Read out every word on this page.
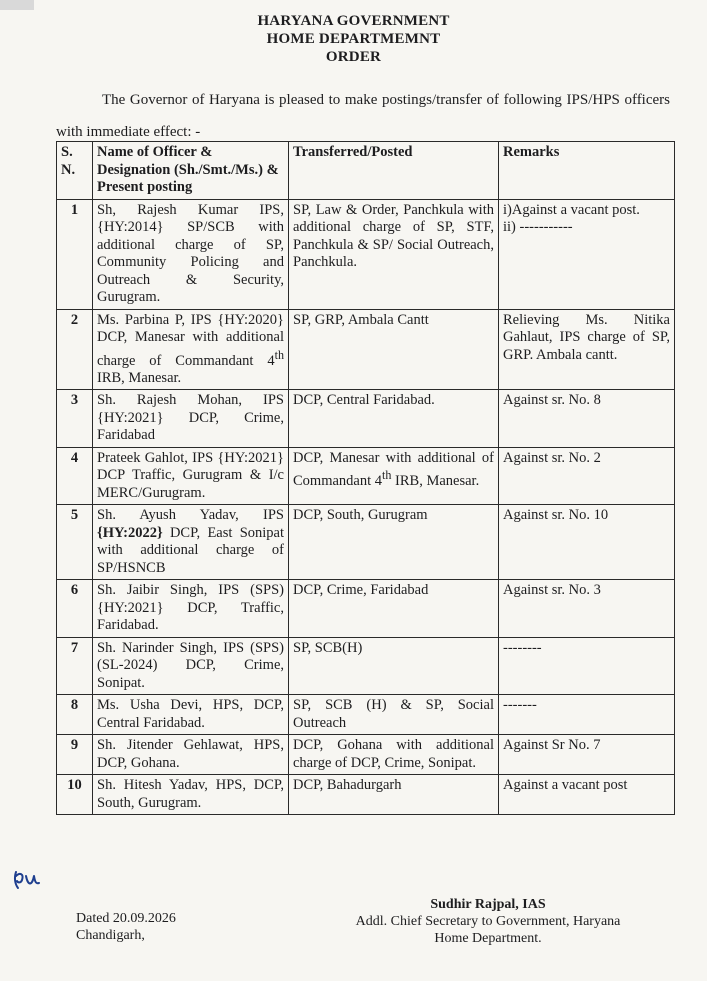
HARYANA GOVERNMENT
HOME DEPARTMEMNT
ORDER
The Governor of Haryana is pleased to make postings/transfer of following IPS/HPS officers with immediate effect: -
S. N.	Name of Officer & Designation (Sh./Smt./Ms.) & Present posting	Transferred/Posted	Remarks
1	Sh, Rajesh Kumar IPS, {HY:2014} SP/SCB with additional charge of SP, Community Policing and Outreach & Security, Gurugram.	SP, Law & Order, Panchkula with additional charge of SP, STF, Panchkula & SP/ Social Outreach, Panchkula.	i)Against a vacant post.
ii) -----------

2	Ms. Parbina P, IPS {HY:2020} DCP, Manesar with additional charge of Commandant 4th IRB, Manesar.	SP, GRP, Ambala Cantt	Relieving Ms. Nitika Gahlaut, IPS charge of SP, GRP. Ambala cantt.
3	Sh. Rajesh Mohan, IPS {HY:2021} DCP, Crime, Faridabad	DCP, Central Faridabad.	Against sr. No. 8
4	Prateek Gahlot, IPS {HY:2021} DCP Traffic, Gurugram & I/c MERC/Gurugram.	DCP, Manesar with additional of Commandant 4th IRB, Manesar.	Against sr. No. 2
5	Sh. Ayush Yadav, IPS {HY:2022} DCP, East Sonipat with additional charge of SP/HSNCB	DCP, South, Gurugram	Against sr. No. 10
6	Sh. Jaibir Singh, IPS (SPS) {HY:2021} DCP, Traffic, Faridabad.	DCP, Crime, Faridabad	Against sr. No. 3
7	Sh. Narinder Singh, IPS (SPS) (SL-2024) DCP, Crime, Sonipat.	SP, SCB(H)	--------
8	Ms. Usha Devi, HPS, DCP, Central Faridabad.	SP, SCB (H) & SP, Social Outreach	-------
9	Sh. Jitender Gehlawat, HPS, DCP, Gohana.	DCP, Gohana with additional charge of DCP, Crime, Sonipat.	Against Sr No. 7
10	Sh. Hitesh Yadav, HPS, DCP, South, Gurugram.	DCP, Bahadurgarh	Against a vacant post
Sudhir Rajpal, IAS
Addl. Chief Secretary to Government, Haryana
Home Department.
Dated 20.09.2026
Chandigarh,
